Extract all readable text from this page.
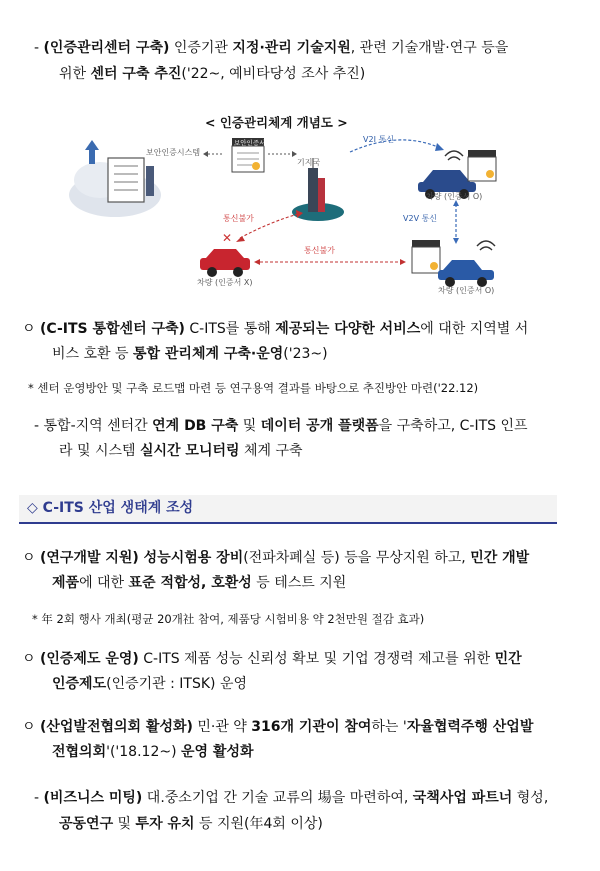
- (인증관리센터 구축) 인증기관 지정·관리 기술지원, 관련 기술개발·연구 등을
위한 센터 구축 추진('22~, 예비타당성 조사 추진)
< 인증관리체계 개념도 >
보안인증시스템
보안인증서
기지국
V2I 통신
V2V 통신
통신불가
통신불가
차량 (인증서 X)
차량 (인증서 O)
차량 (인증서 O)
✕
ㅇ (C-ITS 통합센터 구축) C-ITS를 통해 제공되는 다양한 서비스에 대한 지역별 서
비스 호환 등 통합 관리체계 구축·운영('23~)
* 센터 운영방안 및 구축 로드맵 마련 등 연구용역 결과를 바탕으로 추진방안 마련('22.12)
- 통합-지역 센터간 연계 DB 구축 및 데이터 공개 플랫폼을 구축하고, C-ITS 인프
라 및 시스템 실시간 모니터링 체계 구축
◇ C-ITS 산업 생태계 조성
ㅇ (연구개발 지원) 성능시험용 장비(전파차폐실 등) 등을 무상지원 하고, 민간 개발
제품에 대한 표준 적합성, 호환성 등 테스트 지원
* 年 2회 행사 개최(평균 20개社 참여, 제품당 시험비용 약 2천만원 절감 효과)
ㅇ (인증제도 운영) C-ITS 제품 성능 신뢰성 확보 및 기업 경쟁력 제고를 위한 민간
인증제도(인증기관 : ITSK) 운영
ㅇ (산업발전협의회 활성화) 민·관 약 316개 기관이 참여하는 '자율협력주행 산업발
전협의회'('18.12~) 운영 활성화
- (비즈니스 미팅) 대.중소기업 간 기술 교류의 場을 마련하여, 국책사업 파트너 형성,
공동연구 및 투자 유치 등 지원(年4회 이상)
